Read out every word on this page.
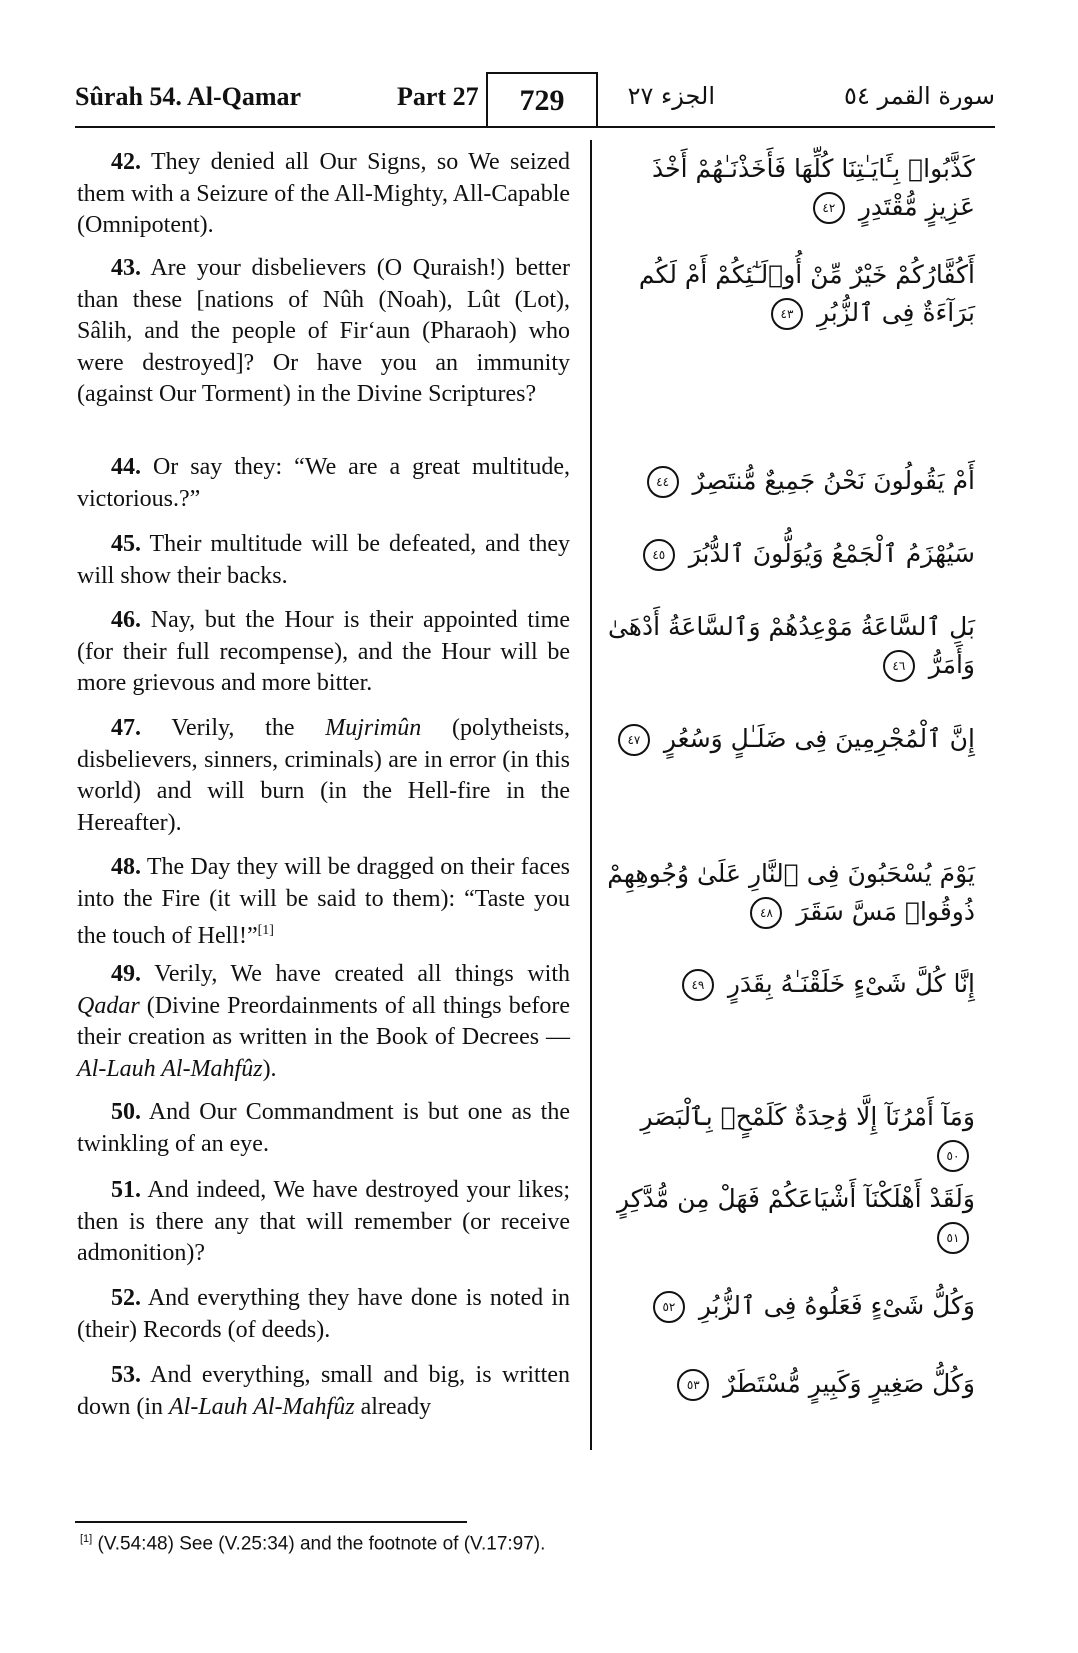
Sûrah 54. Al-Qamar	Part 27	729	الجزء ٢٧	سورة القمر ٥٤
42. They denied all Our Signs, so We seized them with a Seizure of the All-Mighty, All-Capable (Omnipotent).
كَذَّبُوا۟ بِـَٔايَـٰتِنَا كُلِّهَا فَأَخَذْنَـٰهُمْ أَخْذَ عَزِيزٍ مُّقْتَدِرٍ ٤٢
43. Are your disbelievers (O Quraish!) better than these [nations of Nûh (Noah), Lût (Lot), Sâlih, and the people of Fir‘aun (Pharaoh) who were destroyed]? Or have you an immunity (against Our Torment) in the Divine Scriptures?
أَكُفَّارُكُمْ خَيْرٌ مِّنْ أُو۟لَـٰٓئِكُمْ أَمْ لَكُم بَرَآءَةٌ فِى ٱلزُّبُرِ ٤٣
44. Or say they: “We are a great multitude, victorious.?”
أَمْ يَقُولُونَ نَحْنُ جَمِيعٌ مُّنتَصِرٌ ٤٤
45. Their multitude will be defeated, and they will show their backs.
سَيُهْزَمُ ٱلْجَمْعُ وَيُوَلُّونَ ٱلدُّبُرَ ٤٥
46. Nay, but the Hour is their appointed time (for their full recompense), and the Hour will be more grievous and more bitter.
بَلِ ٱلسَّاعَةُ مَوْعِدُهُمْ وَٱلسَّاعَةُ أَدْهَىٰ وَأَمَرُّ ٤٦
47. Verily, the Mujrimûn (polytheists, disbelievers, sinners, criminals) are in error (in this world) and will burn (in the Hell-fire in the Hereafter).
إِنَّ ٱلْمُجْرِمِينَ فِى ضَلَـٰلٍ وَسُعُرٍ ٤٧
48. The Day they will be dragged on their faces into the Fire (it will be said to them): “Taste you the touch of Hell!”[1]
يَوْمَ يُسْحَبُونَ فِى ٱلنَّارِ عَلَىٰ وُجُوهِهِمْ ذُوقُوا۟ مَسَّ سَقَرَ ٤٨
49. Verily, We have created all things with Qadar (Divine Preordainments of all things before their creation as written in the Book of Decrees — Al-Lauh Al-Mahfûz).
إِنَّا كُلَّ شَىْءٍ خَلَقْنَـٰهُ بِقَدَرٍ ٤٩
50. And Our Commandment is but one as the twinkling of an eye.
وَمَآ أَمْرُنَآ إِلَّا وَٰحِدَةٌ كَلَمْحٍۭ بِٱلْبَصَرِ ٥٠
51. And indeed, We have destroyed your likes; then is there any that will remember (or receive admonition)?
وَلَقَدْ أَهْلَكْنَآ أَشْيَاعَكُمْ فَهَلْ مِن مُّدَّكِرٍ ٥١
52. And everything they have done is noted in (their) Records (of deeds).
وَكُلُّ شَىْءٍ فَعَلُوهُ فِى ٱلزُّبُرِ ٥٢
53. And everything, small and big, is written down (in Al-Lauh Al-Mahfûz already
وَكُلُّ صَغِيرٍ وَكَبِيرٍ مُّسْتَطَرٌ ٥٣
[1] (V.54:48) See (V.25:34) and the footnote of (V.17:97).
